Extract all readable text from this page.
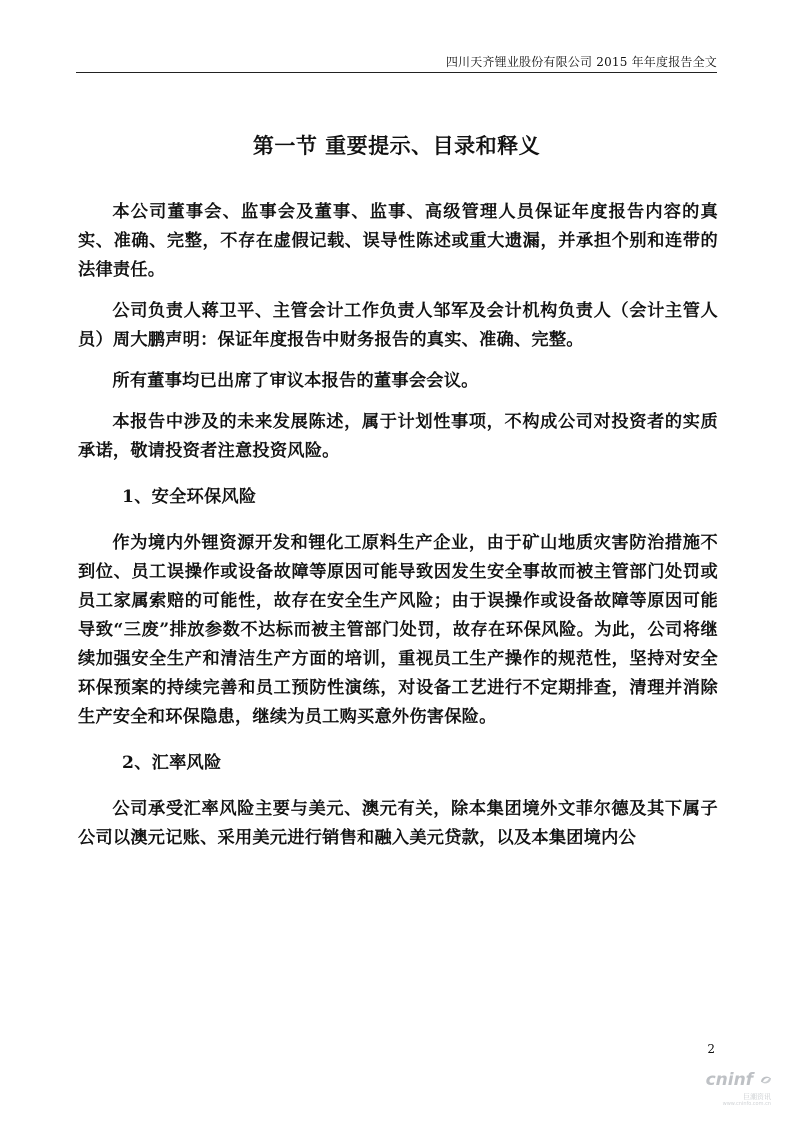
四川天齐锂业股份有限公司 2015 年年度报告全文
第一节 重要提示、目录和释义

本公司董事会、监事会及董事、监事、高级管理人员保证年度报告内容的真实、准确、完整，不存在虚假记载、误导性陈述或重大遗漏，并承担个别和连带的法律责任。

公司负责人蒋卫平、主管会计工作负责人邹军及会计机构负责人（会计主管人员）周大鹏声明：保证年度报告中财务报告的真实、准确、完整。

所有董事均已出席了审议本报告的董事会会议。

本报告中涉及的未来发展陈述，属于计划性事项，不构成公司对投资者的实质承诺，敬请投资者注意投资风险。

1、安全环保风险

作为境内外锂资源开发和锂化工原料生产企业，由于矿山地质灾害防治措施不到位、员工误操作或设备故障等原因可能导致因发生安全事故而被主管部门处罚或员工家属索赔的可能性，故存在安全生产风险；由于误操作或设备故障等原因可能导致“三废”排放参数不达标而被主管部门处罚，故存在环保风险。为此，公司将继续加强安全生产和清洁生产方面的培训，重视员工生产操作的规范性，坚持对安全环保预案的持续完善和员工预防性演练，对设备工艺进行不定期排查，清理并消除生产安全和环保隐患，继续为员工购买意外伤害保险。

2、汇率风险

公司承受汇率风险主要与美元、澳元有关，除本集团境外文菲尔德及其下属子公司以澳元记账、采用美元进行销售和融入美元贷款，以及本集团境内公

2
cninf
巨潮资讯
www.cninfo.com.cn
